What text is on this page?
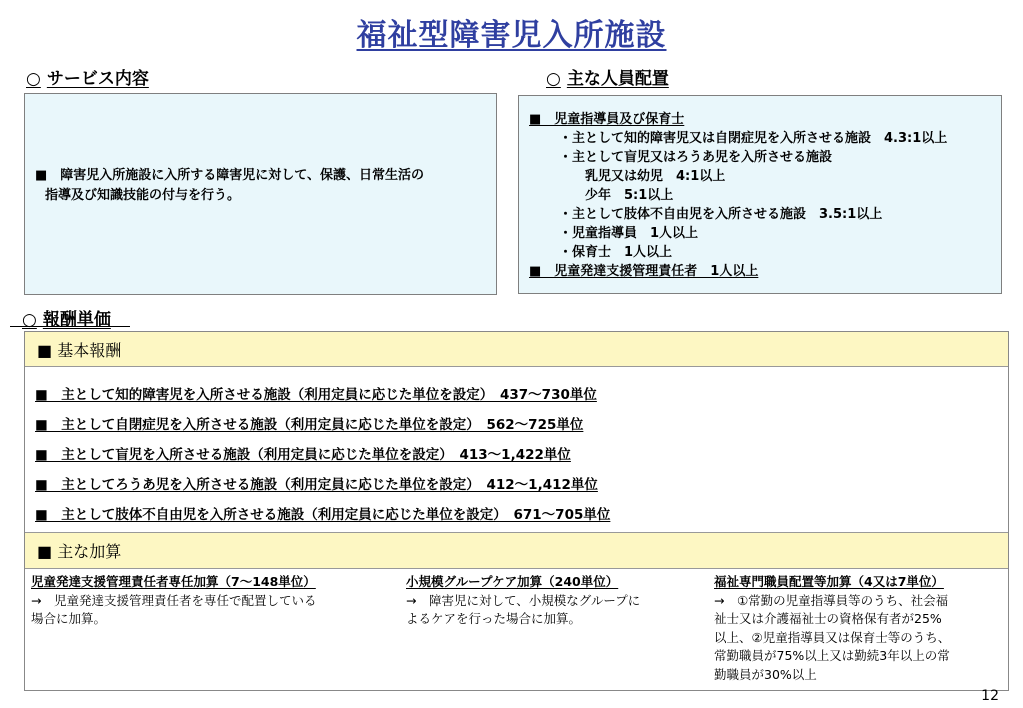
福祉型障害児入所施設
○ サービス内容
■　障害児入所施設に入所する障害児に対して、保護、日常生活の
指導及び知識技能の付与を行う。
○ 主な人員配置
■　児童指導員及び保育士
・主として知的障害児又は自閉症児を入所させる施設　4.3:1以上
・主として盲児又はろうあ児を入所させる施設
乳児又は幼児　4:1以上
少年　5:1以上
・主として肢体不自由児を入所させる施設　3.5:1以上
・児童指導員　1人以上
・保育士　1人以上
■　児童発達支援管理責任者　1人以上
○ 報酬単価
■ 基本報酬
■　主として知的障害児を入所させる施設（利用定員に応じた単位を設定）　437～730単位
■　主として自閉症児を入所させる施設（利用定員に応じた単位を設定）　562～725単位
■　主として盲児を入所させる施設（利用定員に応じた単位を設定）　413～1,422単位
■　主としてろうあ児を入所させる施設（利用定員に応じた単位を設定）　412～1,412単位
■　主として肢体不自由児を入所させる施設（利用定員に応じた単位を設定）　671～705単位
■ 主な加算
児童発達支援管理責任者専任加算（7～148単位）
→　児童発達支援管理責任者を専任で配置している
場合に加算。
小規模グループケア加算（240単位）
→　障害児に対して、小規模なグループに
よるケアを行った場合に加算。
福祉専門職員配置等加算（4又は7単位）
→　①常勤の児童指導員等のうち、社会福
祉士又は介護福祉士の資格保有者が25%
以上、②児童指導員又は保育士等のうち、
常勤職員が75%以上又は勤続3年以上の常
勤職員が30%以上
12
